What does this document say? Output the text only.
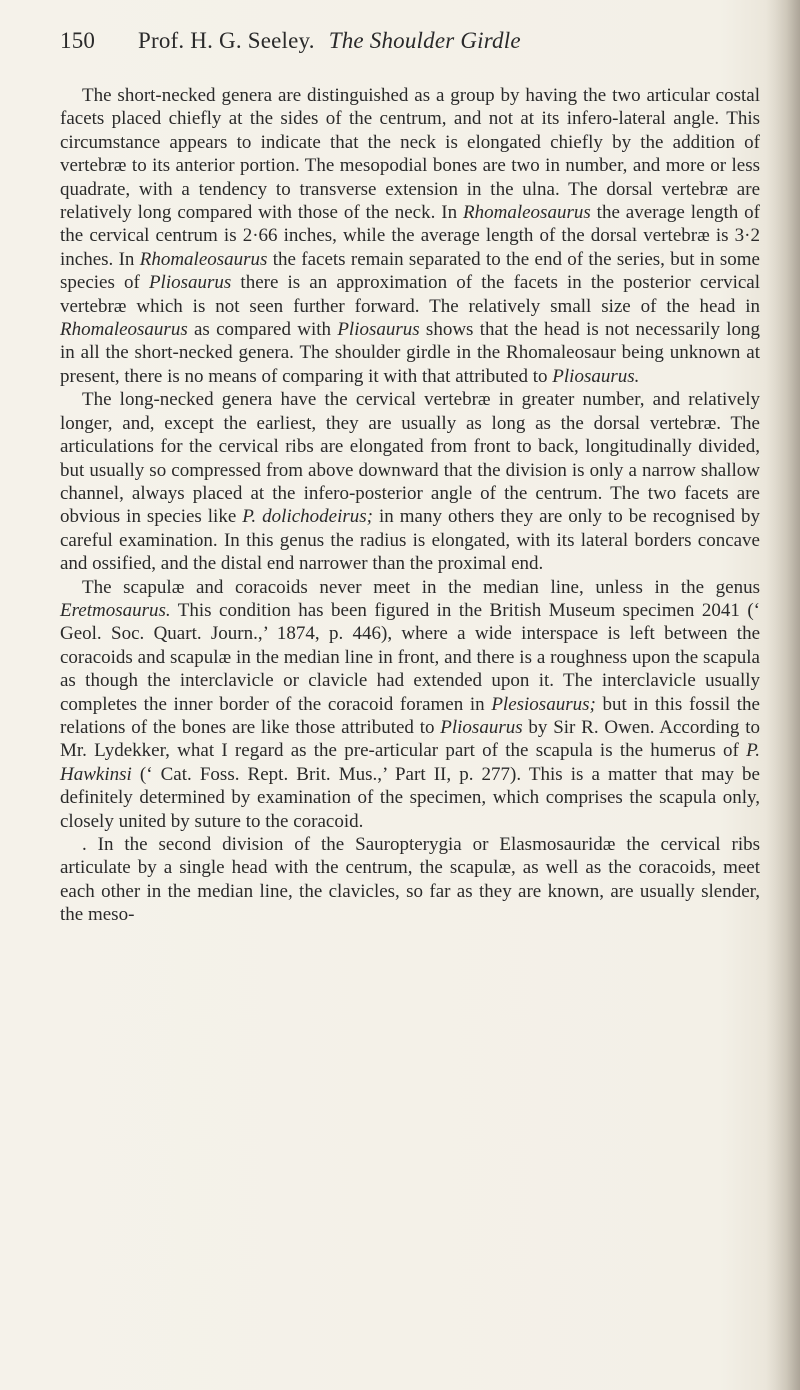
150 Prof. H. G. Seeley. The Shoulder Girdle

The short-necked genera are distinguished as a group by having the two articular costal facets placed chiefly at the sides of the centrum, and not at its infero-lateral angle. This circumstance appears to indicate that the neck is elongated chiefly by the addition of vertebræ to its anterior portion. The mesopodial bones are two in number, and more or less quadrate, with a tendency to transverse extension in the ulna. The dorsal vertebræ are relatively long compared with those of the neck. In Rhomaleosaurus the average length of the cervical centrum is 2·66 inches, while the average length of the dorsal vertebræ is 3·2 inches. In Rhomaleosaurus the facets remain separated to the end of the series, but in some species of Pliosaurus there is an approximation of the facets in the posterior cervical vertebræ which is not seen further forward. The relatively small size of the head in Rhomaleosaurus as compared with Pliosaurus shows that the head is not necessarily long in all the short-necked genera. The shoulder girdle in the Rhomaleosaur being unknown at present, there is no means of comparing it with that attributed to Pliosaurus.

The long-necked genera have the cervical vertebræ in greater number, and relatively longer, and, except the earliest, they are usually as long as the dorsal vertebræ. The articulations for the cervical ribs are elongated from front to back, longitudinally divided, but usually so compressed from above downward that the division is only a narrow shallow channel, always placed at the infero-posterior angle of the centrum. The two facets are obvious in species like P. dolichodeirus; in many others they are only to be recognised by careful examination. In this genus the radius is elongated, with its lateral borders concave and ossified, and the distal end narrower than the proximal end.

The scapulæ and coracoids never meet in the median line, unless in the genus Eretmosaurus. This condition has been figured in the British Museum specimen 2041 (‘ Geol. Soc. Quart. Journ.,’ 1874, p. 446), where a wide interspace is left between the coracoids and scapulæ in the median line in front, and there is a roughness upon the scapula as though the interclavicle or clavicle had extended upon it. The interclavicle usually completes the inner border of the coracoid foramen in Plesiosaurus; but in this fossil the relations of the bones are like those attributed to Pliosaurus by Sir R. Owen. According to Mr. Lydekker, what I regard as the pre-articular part of the scapula is the humerus of P. Hawkinsi (‘ Cat. Foss. Rept. Brit. Mus.,’ Part II, p. 277). This is a matter that may be definitely determined by examination of the specimen, which comprises the scapula only, closely united by suture to the coracoid.

. In the second division of the Sauropterygia or Elasmosauridæ the cervical ribs articulate by a single head with the centrum, the scapulæ, as well as the coracoids, meet each other in the median line, the clavicles, so far as they are known, are usually slender, the meso-
